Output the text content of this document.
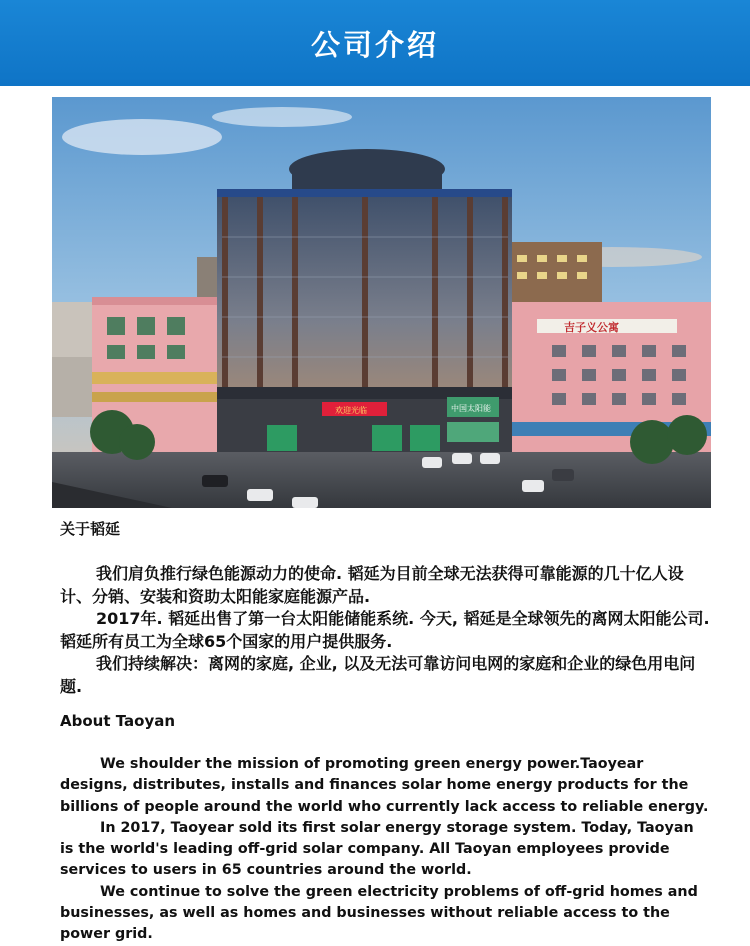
公司介绍
吉子义公寓
欢迎光临	中国太阳能
关于韬延

我们肩负推行绿色能源动力的使命. 韬延为目前全球无法获得可靠能源的几十亿人设计、分销、安装和资助太阳能家庭能源产品.

2017年. 韬延出售了第一台太阳能储能系统. 今天, 韬延是全球领先的离网太阳能公司. 韬延所有员工为全球65个国家的用户提供服务.

我们持续解决：离网的家庭, 企业, 以及无法可靠访问电网的家庭和企业的绿色用电问题.

About Taoyan

We shoulder the mission of promoting green energy power.Taoyear designs, distributes, installs and finances solar home energy products for the billions of people around the world who currently lack access to reliable energy.

In 2017, Taoyear sold its first solar energy storage system. Today, Taoyan is the world's leading off-grid solar company. All Taoyan employees provide services to users in 65 countries around the world.

We continue to solve the green electricity problems of off-grid homes and businesses, as well as homes and businesses without reliable access to the power grid.
